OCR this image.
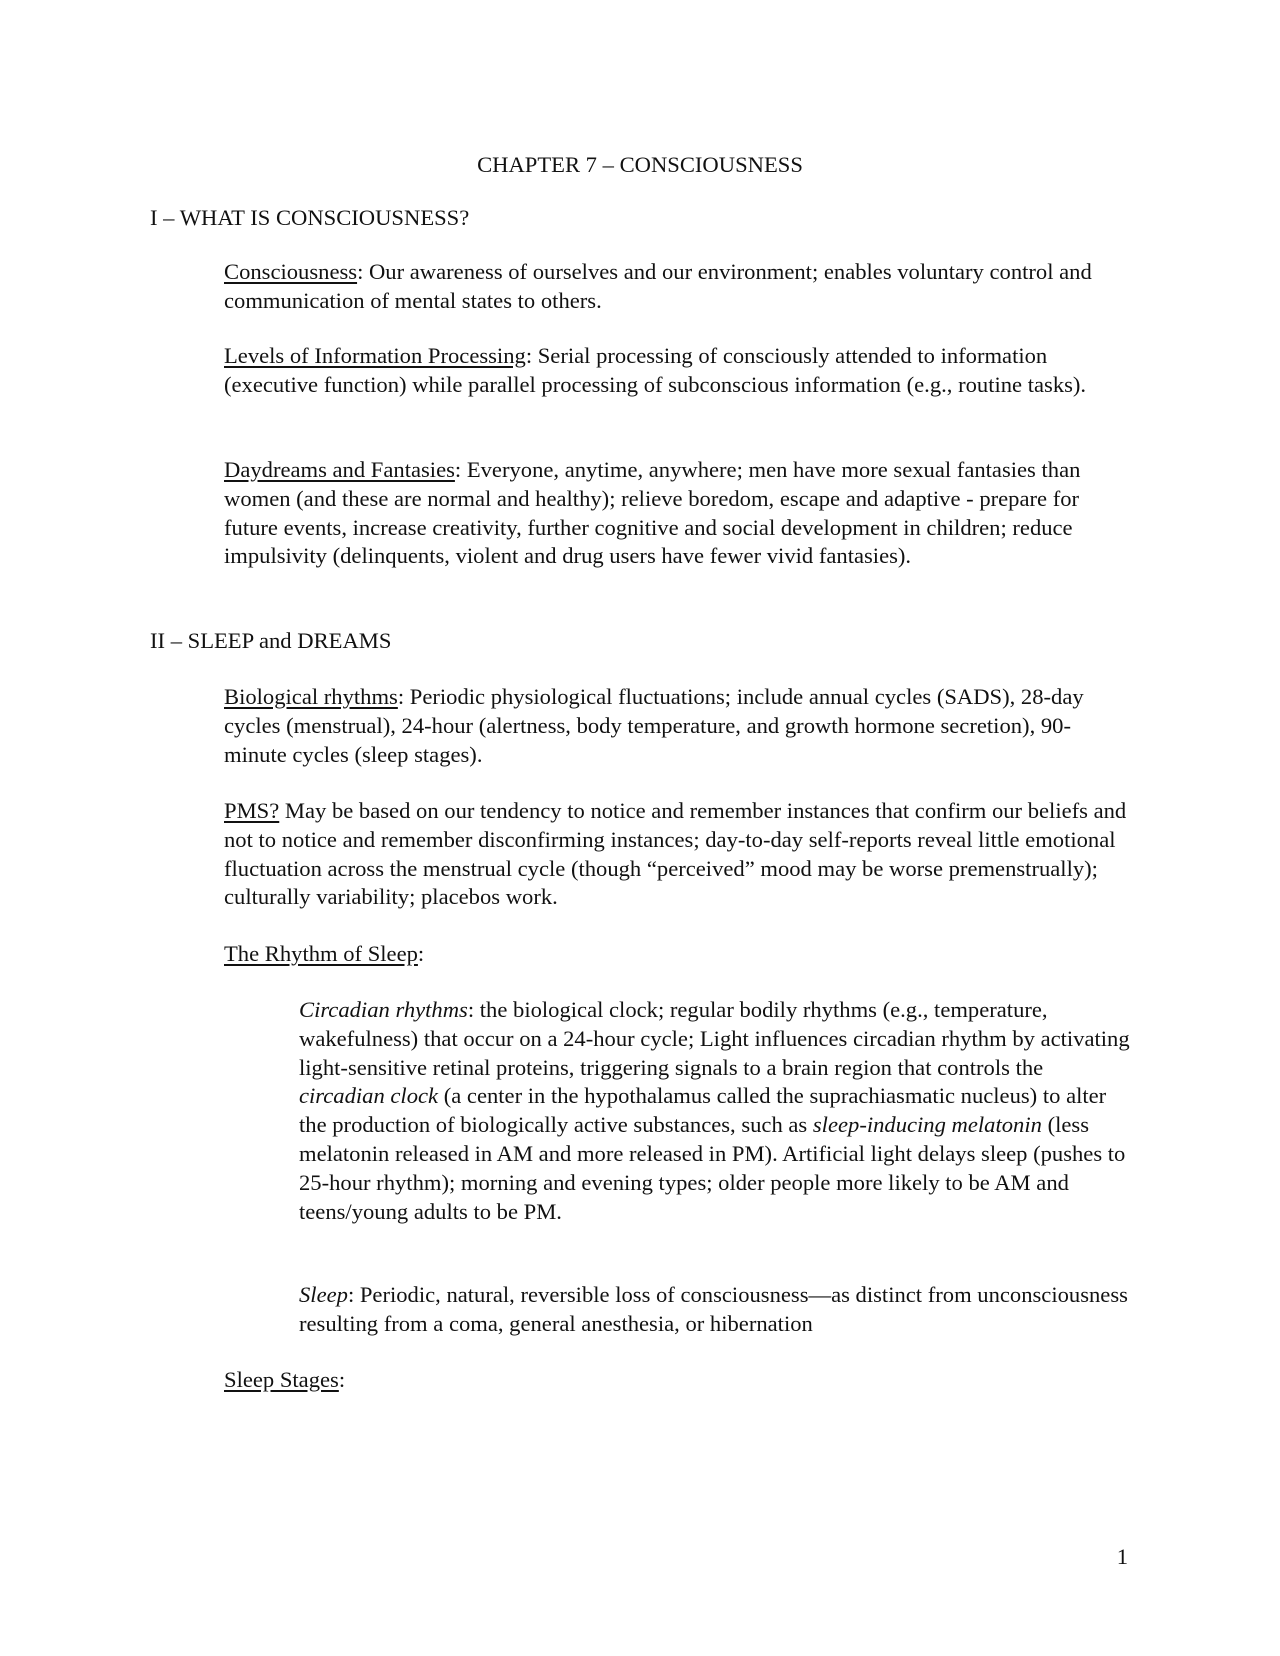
CHAPTER 7 – CONSCIOUSNESS
I – WHAT IS CONSCIOUSNESS?
Consciousness: Our awareness of ourselves and our environment; enables voluntary control and communication of mental states to others.
Levels of Information Processing: Serial processing of consciously attended to information (executive function) while parallel processing of subconscious information (e.g., routine tasks).
Daydreams and Fantasies: Everyone, anytime, anywhere; men have more sexual fantasies than women (and these are normal and healthy); relieve boredom, escape and adaptive - prepare for future events, increase creativity, further cognitive and social development in children; reduce impulsivity (delinquents, violent and drug users have fewer vivid fantasies).
II – SLEEP and DREAMS
Biological rhythms: Periodic physiological fluctuations; include annual cycles (SADS), 28-day cycles (menstrual), 24-hour (alertness, body temperature, and growth hormone secretion), 90-minute cycles (sleep stages).
PMS? May be based on our tendency to notice and remember instances that confirm our beliefs and not to notice and remember disconfirming instances; day-to-day self-reports reveal little emotional fluctuation across the menstrual cycle (though “perceived” mood may be worse premenstrually); culturally variability; placebos work.
The Rhythm of Sleep:
Circadian rhythms: the biological clock; regular bodily rhythms (e.g., temperature, wakefulness) that occur on a 24-hour cycle; Light influences circadian rhythm by activating light-sensitive retinal proteins, triggering signals to a brain region that controls the circadian clock (a center in the hypothalamus called the suprachiasmatic nucleus) to alter the production of biologically active substances, such as sleep-inducing melatonin (less melatonin released in AM and more released in PM). Artificial light delays sleep (pushes to 25-hour rhythm); morning and evening types; older people more likely to be AM and teens/young adults to be PM.
Sleep: Periodic, natural, reversible loss of consciousness—as distinct from unconsciousness resulting from a coma, general anesthesia, or hibernation
Sleep Stages:
1
